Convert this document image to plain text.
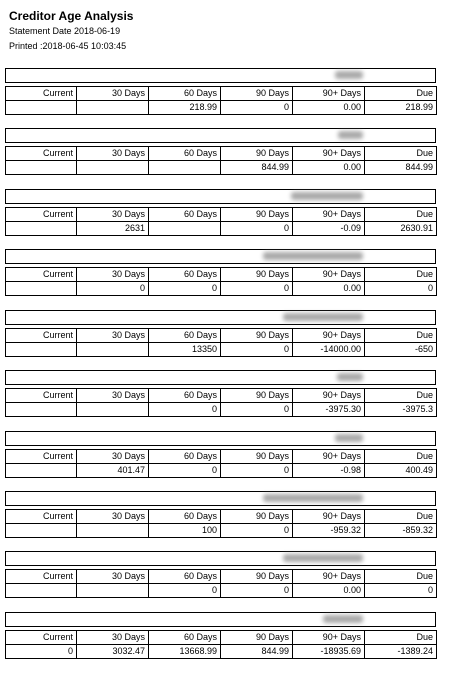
Creditor Age Analysis
Statement Date 2018-06-19
Printed :2018-06-45 10:03:45
Current	30 Days	60 Days	90 Days	90+ Days	Due
		218.99	0	0.00	218.99
Current	30 Days	60 Days	90 Days	90+ Days	Due
			844.99	0.00	844.99
Current	30 Days	60 Days	90 Days	90+ Days	Due
	2631		0	-0.09	2630.91
Current	30 Days	60 Days	90 Days	90+ Days	Due
	0	0	0	0.00	0
Current	30 Days	60 Days	90 Days	90+ Days	Due
		13350	0	-14000.00	-650
Current	30 Days	60 Days	90 Days	90+ Days	Due
		0	0	-3975.30	-3975.3
Current	30 Days	60 Days	90 Days	90+ Days	Due
	401.47	0	0	-0.98	400.49
Current	30 Days	60 Days	90 Days	90+ Days	Due
		100	0	-959.32	-859.32
Current	30 Days	60 Days	90 Days	90+ Days	Due
		0	0	0.00	0
Current	30 Days	60 Days	90 Days	90+ Days	Due
0	3032.47	13668.99	844.99	-18935.69	-1389.24
